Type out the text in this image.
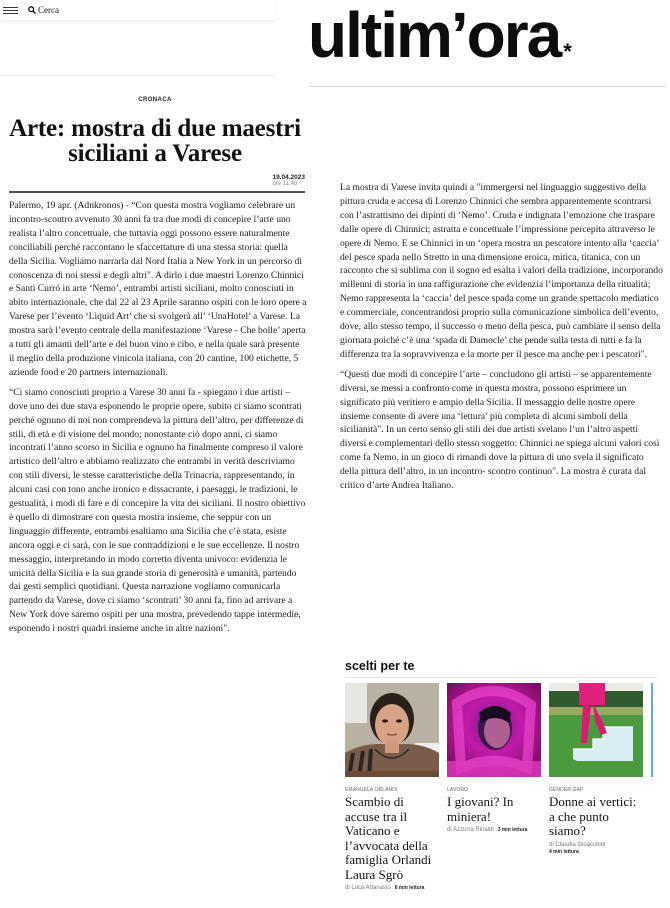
Cerca	ultim’ora *
CRONACA
Arte: mostra di due maestri siciliani a Varese
19.04.2023
ore 11:48

Palermo, 19 apr. (Adnkronos) - “Con questa mostra vogliamo celebrare un incontro-scontro avvenuto 30 anni fa tra due modi di concepire l’arte uno realista l’altro concettuale, che tuttavia oggi possono essere naturalmente conciliabili perché raccontano le sfaccettature di una stessa storia: quella della Sicilia. Vogliamo narrarla dal Nord Italia a New York in un percorso di conoscenza di noi stessi e degli altri". A dirlo i due maestri Lorenzo Chinnici e Santi Curró in arte ‘Nemo’, entrambi artisti siciliani, molto conosciuti in abito internazionale, che dal 22 al 23 Aprile saranno ospiti con le loro opere a Varese per l’evento ‘Liquid Art’ che si svolgerà all’ ‘UnaHotel’ a Varese. La mostra sarà l’evento centrale della manifestazione ‘Varese - Che bolle’ aperta a tutti gli amanti dell’arte e del buon vino e cibo, e nella quale sarà presente il meglio della produzione vinicola italiana, con 20 cantine, 100 etichette, 5 aziende food e 20 partners internazionali.

“Ci siamo conosciuti proprio a Varese 30 anni fa - spiegano i due artisti – dove uno dei due stava esponendo le proprie opere, subito ci siamo scontrati perché ognuno di noi non comprendeva la pittura dell’altro, per differenze di stili, di età e di visione del mondo; nonostante ciò dopo anni, ci siamo incontrati l’anno scorso in Sicilia e ognuno ha finalmente compreso il valore artistico dell’altro e abbiamo realizzato che entrambi in verità descriviamo con stili diversi, le stesse caratteristiche della Trinacria, rappresentando, in alcuni casi con tono anche ironico e dissacrante, i paesaggi, le tradizioni, le gestualità, i modi di fare e di concepire la vita dei siciliani. Il nostro obiettivo è quello di dimostrare con questa mostra insieme, che seppur con un linguaggio differente, entrambi esaltiamo una Sicilia che c’è stata, esiste ancora oggi e ci sarà, con le sue contraddizioni e le sue eccellenze. Il nostro messaggio, interpretando in modo corretto diventa univoco: evidenzia le unicità della Sicilia e la sua grande storia di generosità e umanità, partendo dai gesti semplici quotidiani. Questa narrazione vogliamo comunicarla partendo da Varese, dove ci siamo ‘scontrati’ 30 anni fa, fino ad arrivare a New York dove saremo ospiti per una mostra, prevedendo tappe intermedie, esponendo i nostri quadri insieme anche in altre nazioni".

La mostra di Varese invita quindi a "immergersi nel linguaggio suggestivo della pittura cruda e accesa di Lorenzo Chinnici che sembra apparentemente scontrarsi con l’astrattismo dei dipinti di ‘Nemo’. Cruda e indignata l’emozione che traspare dalle opere di Chinnici; astratta e concettuale l’impressione percepita attraverso le opere di Nemo. E se Chinnici in un ‘opera mostra un pescatore intento alla ‘caccia’ del pesce spada nello Stretto in una dimensione eroica, mitica, titanica, con un racconto che si sublima con il sogno ed esalta i valori della tradizione, incorporando millenni di storia in una raffigurazione che evidenzia l’importanza della ritualità; Nemo rappresenta la ‘caccia’ del pesce spada come un grande spettacolo mediatico e commerciale, concentrandosi proprio sulla comunicazione simbolica dell’evento, dove, allo stesso tempo, il successo o meno della pesca, può cambiare il senso della giornata poiché c’è una ‘spada di Damocle’ che pende sulla testa di tutti e fa la differenza tra la sopravvivenza e la morte per il pesce ma anche per i pescatori".

“Questi due modi di concepire l’arte – concludono gli artisti – se apparentemente diversi, se messi a confronto come in questa mostra, possono esprimere un significato più veritiero e ampio della Sicilia. Il messaggio delle nostre opere insieme consente di avere una ‘lettura’ più completa di alcuni simboli della sicilianità". In un certo senso gli stili dei due artisti svelano l’un l’altro aspetti diversi e complementari dello stesso soggetto: Chinnici ne spiega alcuni valori così come fa Nemo, in un gioco di rimandi dove la pittura di uno svela il significato della pittura dell’altro, in un incontro- scontro continuo". La mostra è curata dal critico d’arte Andrea Italiano.

scelti per te
EMANUELA ORLANDI
Scambio di accuse tra il Vaticano e l’avvocata della famiglia Orlandi Laura Sgrò
di Luca Attanasio 6 min lettura
LAVORO
I giovani? In miniera!
di Azzurra Rinaldi 3 min lettura
GENDER GAP
Donne ai vertici: a che punto siamo?
di Claudia Gioacchini
4 min lettura
